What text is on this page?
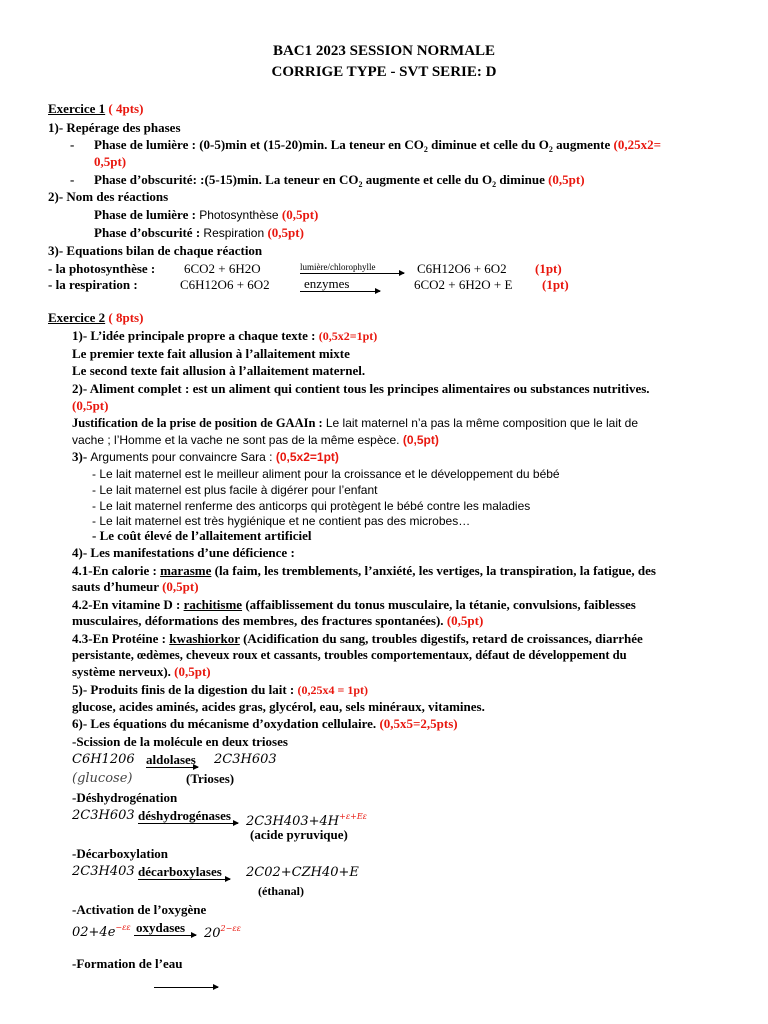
BAC1 2023 SESSION NORMALE
CORRIGE TYPE - SVT SERIE: D
Exercice 1 ( 4pts)
1)- Repérage des phases
- Phase de lumière : (0-5)min et (15-20)min. La teneur en $CO_2$ diminue et celle du $O_2$ augmente (0,25x2=
0,5pt)
- Phase d’obscurité: :(5-15)min. La teneur en $CO_2$ augmente et celle du $O_2$ diminue (0,5pt)
2)- Nom des réactions
Phase de lumière : Photosynthèse (0,5pt)
Phase d’obscurité : Respiration (0,5pt)
3)- Equations bilan de chaque réaction
- la photosynthèse : 6CO2 + 6H2O	lumière/chlorophylle	C6H12O6 + 6O2 (1pt)
- la respiration :	C6H12O6 + 6O2	enzymes	6CO2 + 6H2O + E (1pt)
Exercice 2 ( 8pts)
1)- L’idée principale propre a chaque texte : (0,5x2=1pt)
Le premier texte fait allusion à l’allaitement mixte
Le second texte fait allusion à l’allaitement maternel.
2)- Aliment complet : est un aliment qui contient tous les principes alimentaires ou substances nutritives.
(0,5pt)
Justification de la prise de position de GAAIn : Le lait maternel n’a pas la même composition que le lait de
vache ; l’Homme et la vache ne sont pas de la même espèce. (0,5pt)
3)- Arguments pour convaincre Sara : (0,5x2=1pt)
- Le lait maternel est le meilleur aliment pour la croissance et le développement du bébé
- Le lait maternel est plus facile à digérer pour l’enfant
- Le lait maternel renferme des anticorps qui protègent le bébé contre les maladies
- Le lait maternel est très hygiénique et ne contient pas des microbes…
- Le coût élevé de l’allaitement artificiel
4)- Les manifestations d’une déficience :
4.1-En calorie : marasme (la faim, les tremblements, l’anxiété, les vertiges, la transpiration, la fatigue, des
sauts d’humeur (0,5pt)
4.2-En vitamine D : rachitisme (affaiblissement du tonus musculaire, la tétanie, convulsions, faiblesses
musculaires, déformations des membres, des fractures spontanées). (0,5pt)
4.3-En Protéine : kwashiorkor (Acidification du sang, troubles digestifs, retard de croissances, diarrhée
persistante, œdèmes, cheveux roux et cassants, troubles comportementaux, défaut de développement du
système nerveux). (0,5pt)
5)- Produits finis de la digestion du lait : (0,25x4 = 1pt)
glucose, acides aminés, acides gras, glycérol, eau, sels minéraux, vitamines.
6)- Les équations du mécanisme d’oxydation cellulaire. (0,5x5=2,5pts)
-Scission de la molécule en deux trioses
C6H1206 aldolases 2C3H603
(glucose)	(Trioses)
-Déshydrogénation
2C3H603 déshydrogénases $2C3H403+4H^{+\varepsilon+E\varepsilon}$
(acide pyruvique)
-Décarboxylation
2C3H403 décarboxylases 2C02+CZH40+E
(éthanal)
-Activation de l’oxygène
$02+4e^{-\varepsilon\varepsilon}$ oxydases $20^{2-\varepsilon\varepsilon}$
-Formation de l’eau
